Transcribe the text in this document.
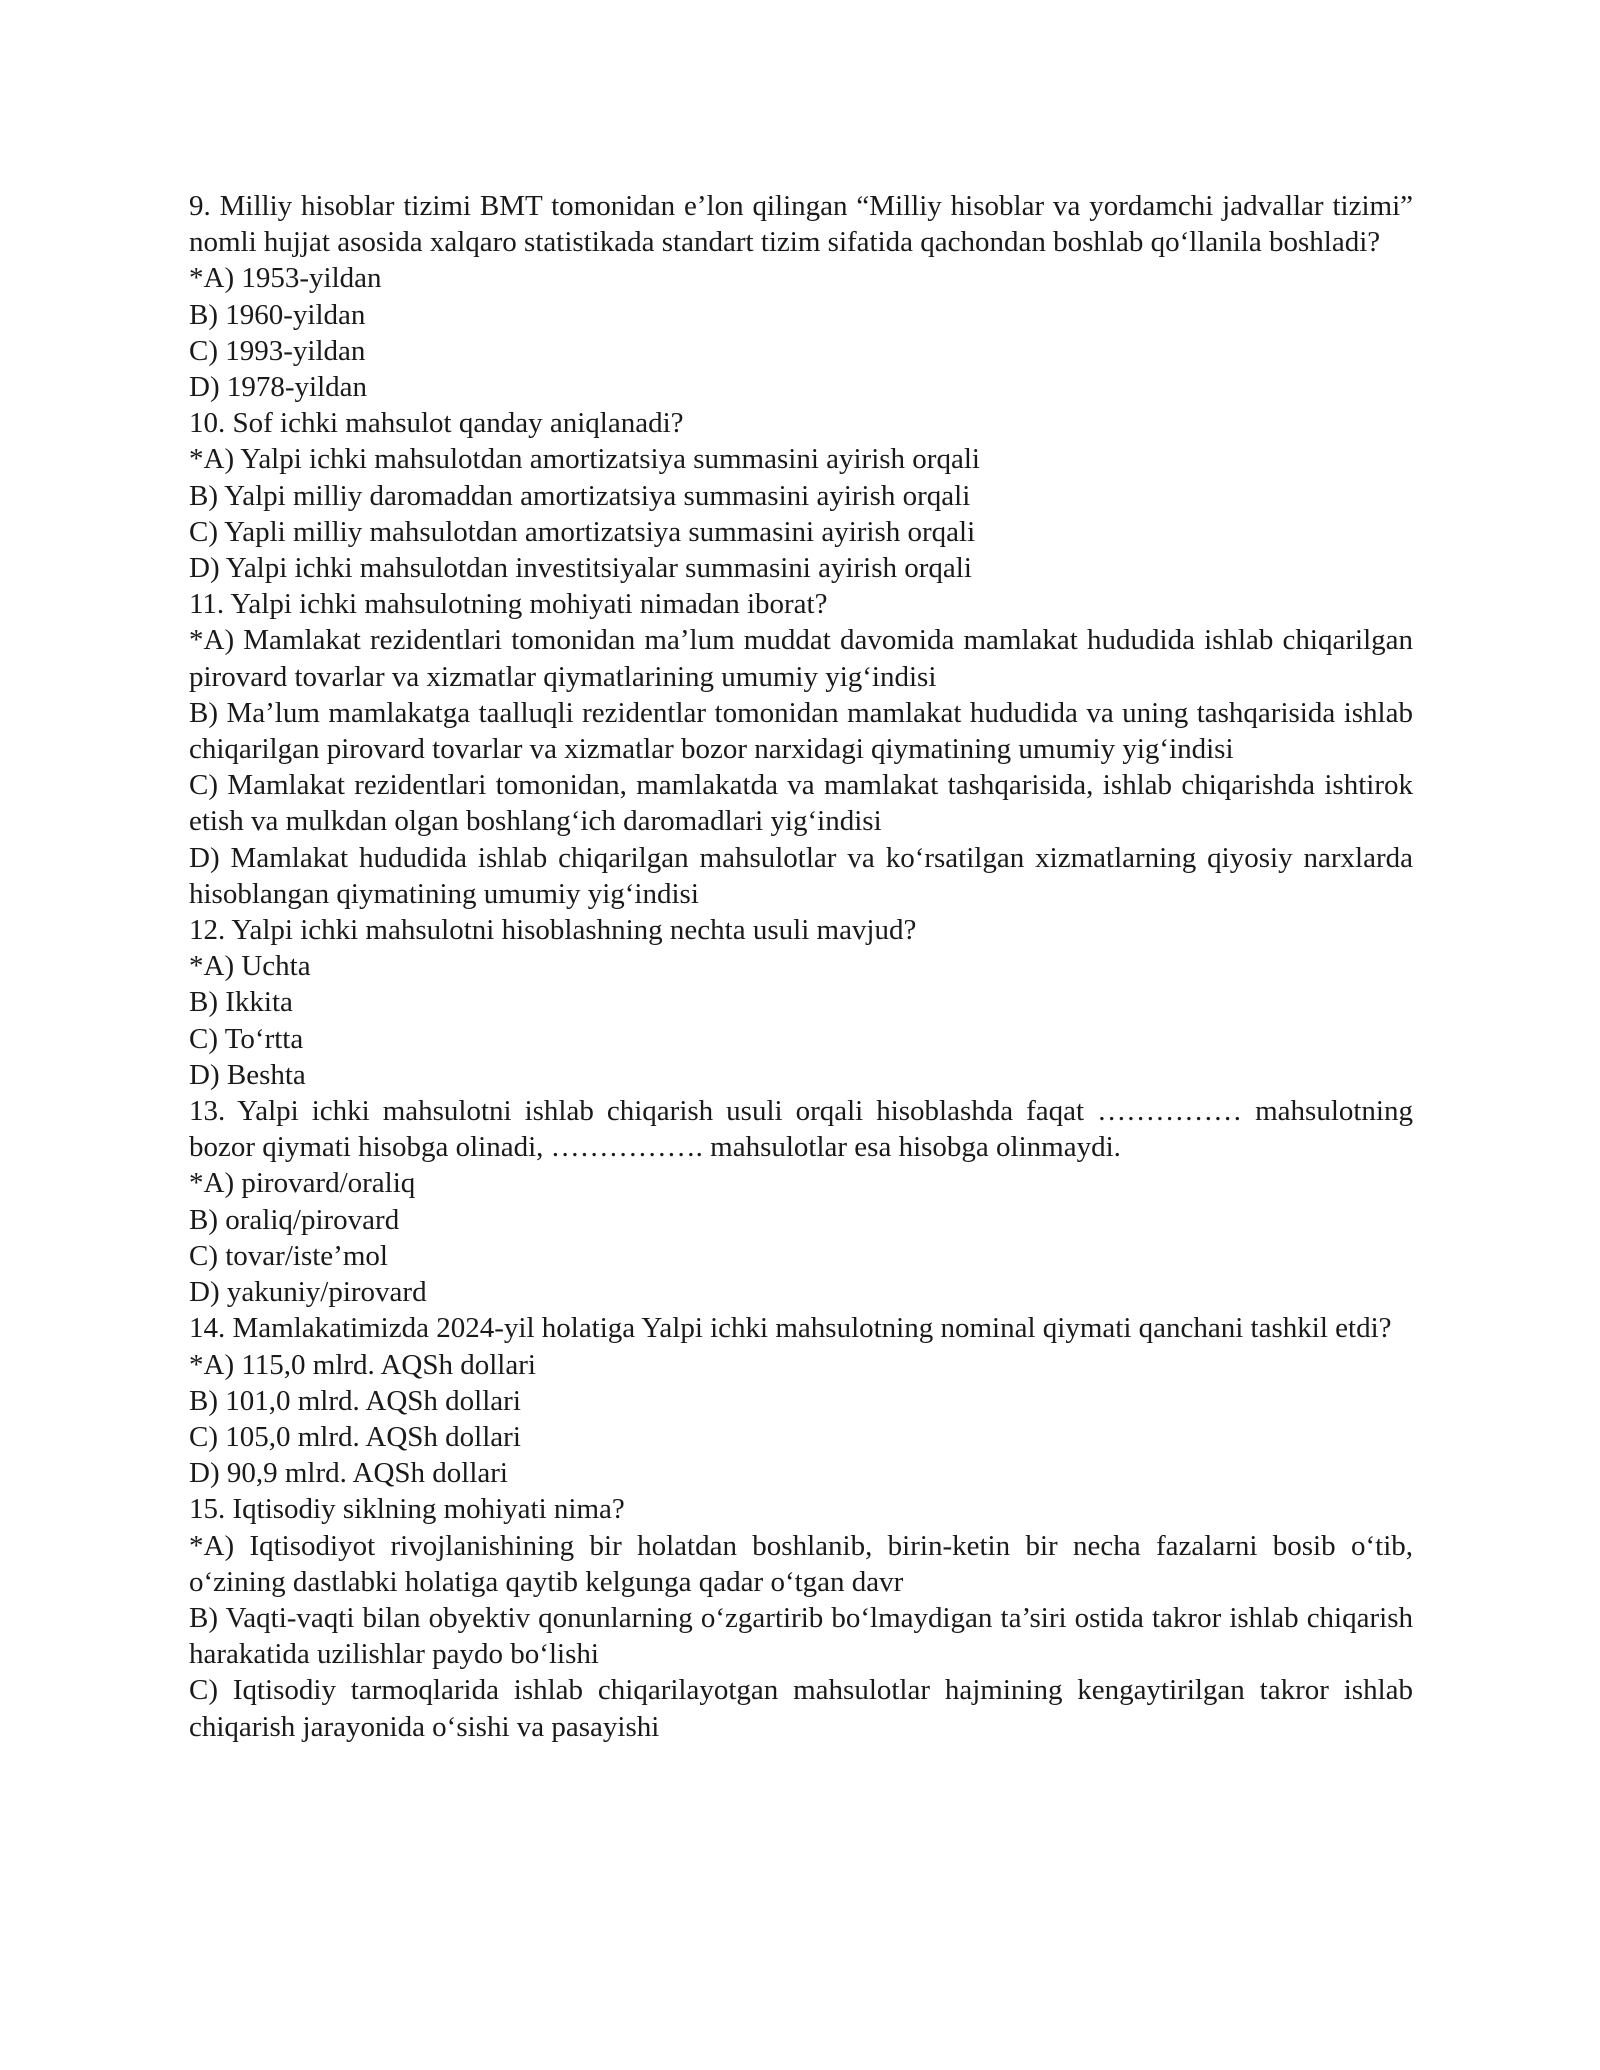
9. Milliy hisoblar tizimi BMT tomonidan e’lon qilingan “Milliy hisoblar va yordamchi jadvallar tizimi” nomli hujjat asosida xalqaro statistikada standart tizim sifatida qachondan boshlab qo‘llanila boshladi?

*A) 1953-yildan

B) 1960-yildan

C) 1993-yildan

D) 1978-yildan

10. Sof ichki mahsulot qanday aniqlanadi?

*A) Yalpi ichki mahsulotdan amortizatsiya summasini ayirish orqali

B) Yalpi milliy daromaddan amortizatsiya summasini ayirish orqali

C) Yapli milliy mahsulotdan amortizatsiya summasini ayirish orqali

D) Yalpi ichki mahsulotdan investitsiyalar summasini ayirish orqali

11. Yalpi ichki mahsulotning mohiyati nimadan iborat?

*A) Mamlakat rezidentlari tomonidan ma’lum muddat davomida mamlakat hududida ishlab chiqarilgan pirovard tovarlar va xizmatlar qiymatlarining umumiy yig‘indisi

B) Ma’lum mamlakatga taalluqli rezidentlar tomonidan mamlakat hududida va uning tashqarisida ishlab chiqarilgan pirovard tovarlar va xizmatlar bozor narxidagi qiymatining umumiy yig‘indisi

C) Mamlakat rezidentlari tomonidan, mamlakatda va mamlakat tashqarisida, ishlab chiqarishda ishtirok etish va mulkdan olgan boshlang‘ich daromadlari yig‘indisi

D) Mamlakat hududida ishlab chiqarilgan mahsulotlar va ko‘rsatilgan xizmatlarning qiyosiy narxlarda hisoblangan qiymatining umumiy yig‘indisi

12. Yalpi ichki mahsulotni hisoblashning nechta usuli mavjud?

*A) Uchta

B) Ikkita

C) To‘rtta

D) Beshta

13. Yalpi ichki mahsulotni ishlab chiqarish usuli orqali hisoblashda faqat …………… mahsulotning bozor qiymati hisobga olinadi, ……………. mahsulotlar esa hisobga olinmaydi.

*A) pirovard/oraliq

B) oraliq/pirovard

C) tovar/iste’mol

D) yakuniy/pirovard

14. Mamlakatimizda 2024-yil holatiga Yalpi ichki mahsulotning nominal qiymati qanchani tashkil etdi?

*A) 115,0 mlrd. AQSh dollari

B) 101,0 mlrd. AQSh dollari

C) 105,0 mlrd. AQSh dollari

D) 90,9 mlrd. AQSh dollari

15. Iqtisodiy siklning mohiyati nima?

*A) Iqtisodiyot rivojlanishining bir holatdan boshlanib, birin-ketin bir necha fazalarni bosib o‘tib, o‘zining dastlabki holatiga qaytib kelgunga qadar o‘tgan davr

B) Vaqti-vaqti bilan obyektiv qonunlarning o‘zgartirib bo‘lmaydigan ta’siri ostida takror ishlab chiqarish harakatida uzilishlar paydo bo‘lishi

C) Iqtisodiy tarmoqlarida ishlab chiqarilayotgan mahsulotlar hajmining kengaytirilgan takror ishlab chiqarish jarayonida o‘sishi va pasayishi
